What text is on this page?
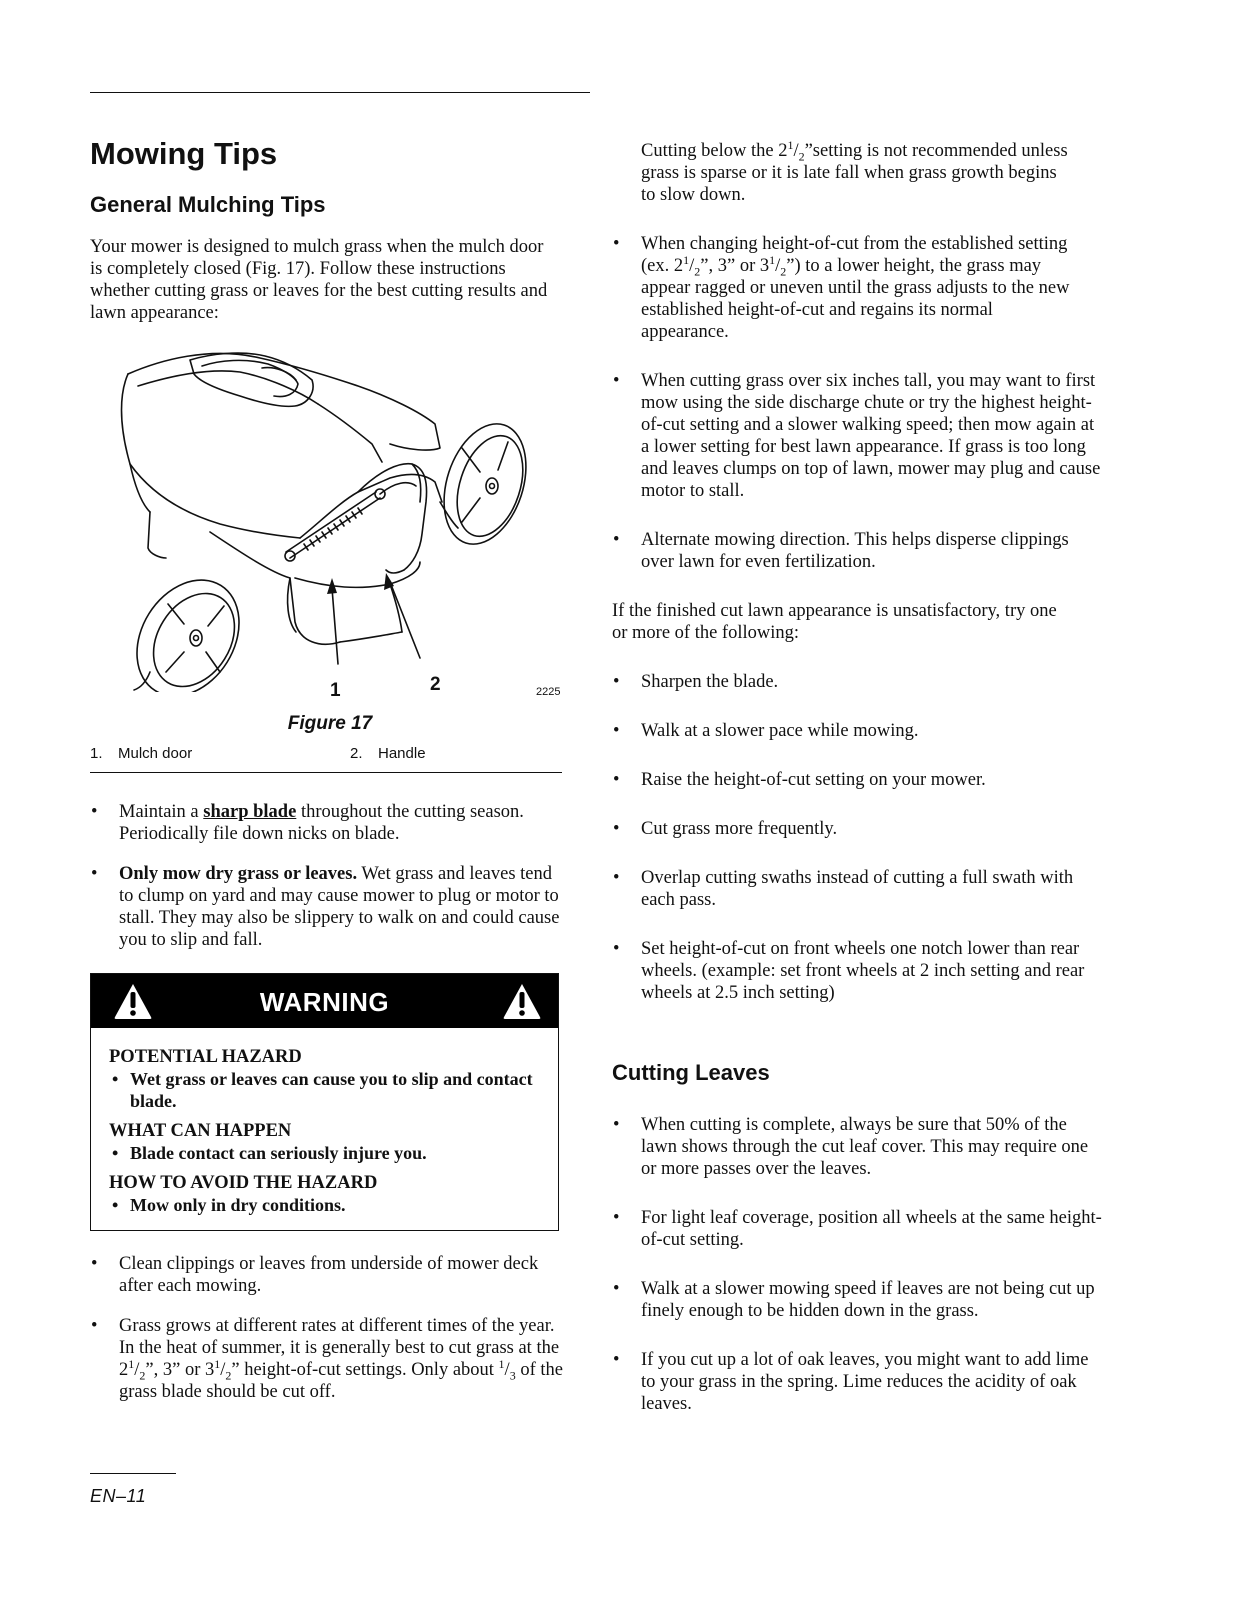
Mowing Tips
General Mulching Tips

Your mower is designed to mulch grass when the mulch door is completely closed (Fig. 17). Follow these instructions whether cutting grass or leaves for the best cutting results and lawn appearance:

1	2	2225
Figure 17
1.	Mulch door	2.	Handle
• Maintain a sharp blade throughout the cutting season. Periodically file down nicks on blade.
• Only mow dry grass or leaves. Wet grass and leaves tend to clump on yard and may cause mower to plug or motor to stall. They may also be slippery to walk on and could cause you to slip and fall.
WARNING
POTENTIAL HAZARD
• Wet grass or leaves can cause you to slip and contact blade.
WHAT CAN HAPPEN
• Blade contact can seriously injure you.
HOW TO AVOID THE HAZARD
• Mow only in dry conditions.
• Clean clippings or leaves from underside of mower deck after each mowing.
• Grass grows at different rates at different times of the year. In the heat of summer, it is generally best to cut grass at the $2^1/_2$”, 3” or $3^1/_2$” height-of-cut settings. Only about $^1/_3$ of the grass blade should be cut off.
Cutting below the $2^1/_2”setting$ is not recommended unless grass is sparse or it is late fall when grass growth begins to slow down.
• When changing height-of-cut from the established setting (ex. $2^1/_2$”, 3” or $3^1/_2$”) to a lower height, the grass may appear ragged or uneven until the grass adjusts to the new established height-of-cut and regains its normal appearance.
• When cutting grass over six inches tall, you may want to first mow using the side discharge chute or try the highest height-of-cut setting and a slower walking speed; then mow again at a lower setting for best lawn appearance. If grass is too long and leaves clumps on top of lawn, mower may plug and cause motor to stall.
• Alternate mowing direction. This helps disperse clippings over lawn for even fertilization.

If the finished cut lawn appearance is unsatisfactory, try one or more of the following:

• Sharpen the blade.
• Walk at a slower pace while mowing.
• Raise the height-of-cut setting on your mower.
• Cut grass more frequently.
• Overlap cutting swaths instead of cutting a full swath with each pass.
• Set height-of-cut on front wheels one notch lower than rear wheels. (example: set front wheels at 2 inch setting and rear wheels at 2.5 inch setting)
Cutting Leaves
• When cutting is complete, always be sure that 50% of the lawn shows through the cut leaf cover. This may require one or more passes over the leaves.
• For light leaf coverage, position all wheels at the same height-of-cut setting.
• Walk at a slower mowing speed if leaves are not being cut up finely enough to be hidden down in the grass.
• If you cut up a lot of oak leaves, you might want to add lime to your grass in the spring. Lime reduces the acidity of oak leaves.
EN–11
